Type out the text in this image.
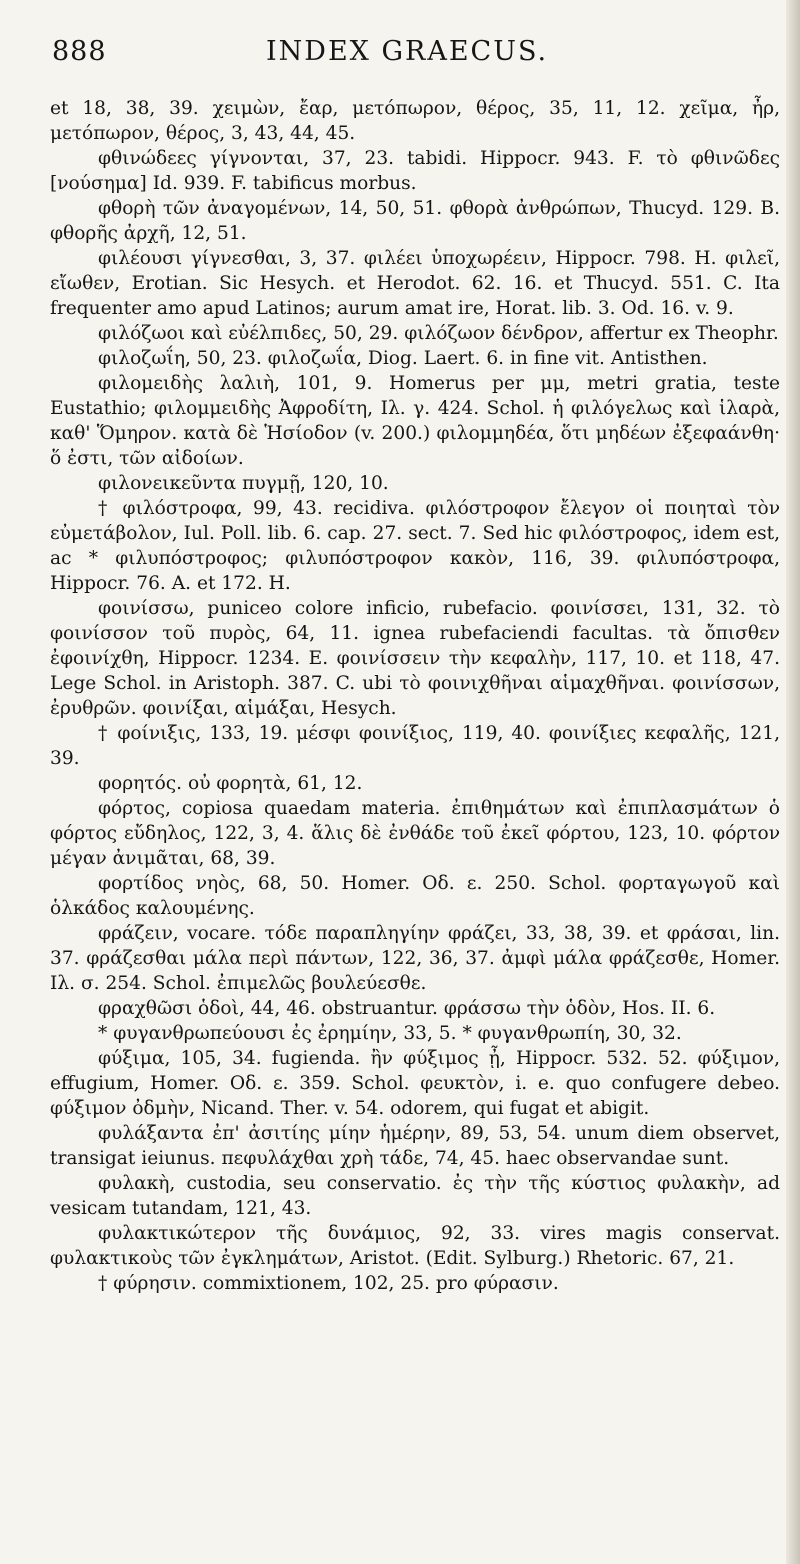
888	INDEX GRAECUS.

et 18, 38, 39. χειμὼν, ἔαρ, μετόπωρον, θέρος, 35, 11, 12. χεῖμα, ἦρ, μετόπωρον, θέρος, 3, 43, 44, 45.

φθινώδεες γίγνονται, 37, 23. tabidi. Hippocr. 943. F. τὸ φθινῶδες [νούσημα] Id. 939. F. tabificus morbus.

φθορὴ τῶν ἀναγομένων, 14, 50, 51. φθορὰ ἀνθρώπων, Thucyd. 129. B. φθορῆς ἀρχῆ, 12, 51.

φιλέουσι γίγνεσθαι, 3, 37. φιλέει ὑποχωρέειν, Hippocr. 798. H. φιλεῖ, εἴωθεν, Erotian. Sic Hesych. et Herodot. 62. 16. et Thucyd. 551. C. Ita frequenter amo apud Latinos; aurum amat ire, Horat. lib. 3. Od. 16. v. 9.

φιλόζωοι καὶ εὐέλπιδες, 50, 29. φιλόζωον δένδρον, affertur ex Theophr.

φιλοζωΐη, 50, 23. φιλοζωΐα, Diog. Laert. 6. in fine vit. Antisthen.

φιλομειδὴς λαλιὴ, 101, 9. Homerus per μμ, metri gratia, teste Eustathio; φιλομμειδὴς Ἀφροδίτη, Ιλ. γ. 424. Schol. ἡ φιλόγελως καὶ ἱλαρὰ, καθ' Ὅμηρον. κατὰ δὲ Ἡσίοδον (v. 200.) φιλομμηδέα, ὅτι μηδέων ἐξεφαάνθη· ὅ ἐστι, τῶν αἰδοίων.

φιλονεικεῦντα πυγμῇ, 120, 10.

† φιλόστροφα, 99, 43. recidiva. φιλόστροφον ἔλεγον οἱ ποιηταὶ τὸν εὐμετάβολον, Iul. Poll. lib. 6. cap. 27. sect. 7. Sed hic φιλόστροφος, idem est, ac * φιλυπόστροφος; φιλυπόστροφον κακὸν, 116, 39. φιλυπόστροφα, Hippocr. 76. A. et 172. H.

φοινίσσω, puniceo colore inficio, rubefacio. φοινίσσει, 131, 32. τὸ φοινίσσον τοῦ πυρὸς, 64, 11. ignea rubefaciendi facultas. τὰ ὄπισθεν ἐφοινίχθη, Hippocr. 1234. E. φοινίσσειν τὴν κεφαλὴν, 117, 10. et 118, 47. Lege Schol. in Aristoph. 387. C. ubi τὸ φοινιχθῆναι αἱμαχθῆναι. φοινίσσων, ἐρυθρῶν. φοινίξαι, αἱμάξαι, Hesych.

† φοίνιξις, 133, 19. μέσφι φοινίξιος, 119, 40. φοινίξιες κεφαλῆς, 121, 39.

φορητός. οὐ φορητὰ, 61, 12.

φόρτος, copiosa quaedam materia. ἐπιθημάτων καὶ ἐπιπλασμάτων ὁ φόρτος εὔδηλος, 122, 3, 4. ἅλις δὲ ἐνθάδε τοῦ ἐκεῖ φόρτου, 123, 10. φόρτον μέγαν ἀνιμᾶται, 68, 39.

φορτίδος νηὸς, 68, 50. Homer. Οδ. ε. 250. Schol. φορταγωγοῦ καὶ ὁλκάδος καλουμένης.

φράζειν, vocare. τόδε παραπληγίην φράζει, 33, 38, 39. et φράσαι, lin. 37. φράζεσθαι μάλα περὶ πάντων, 122, 36, 37. ἀμφὶ μάλα φράζεσθε, Homer. Ιλ. σ. 254. Schol. ἐπιμελῶς βουλεύεσθε.

φραχθῶσι ὁδοὶ, 44, 46. obstruantur. φράσσω τὴν ὁδὸν, Hos. II. 6.

* φυγανθρωπεύουσι ἐς ἐρημίην, 33, 5. * φυγανθρωπίη, 30, 32.

φύξιμα, 105, 34. fugienda. ἢν φύξιμος ᾖ, Hippocr. 532. 52. φύξιμον, effugium, Homer. Οδ. ε. 359. Schol. φευκτὸν, i. e. quo confugere debeo. φύξιμον ὀδμὴν, Nicand. Ther. v. 54. odorem, qui fugat et abigit.

φυλάξαντα ἐπ' ἀσιτίης μίην ἡμέρην, 89, 53, 54. unum diem observet, transigat ieiunus. πεφυλάχθαι χρὴ τάδε, 74, 45. haec observandae sunt.

φυλακὴ, custodia, seu conservatio. ἐς τὴν τῆς κύστιος φυλακὴν, ad vesicam tutandam, 121, 43.

φυλακτικώτερον τῆς δυνάμιος, 92, 33. vires magis conservat. φυλακτικοὺς τῶν ἐγκλημάτων, Aristot. (Edit. Sylburg.) Rhetoric. 67, 21.

† φύρησιν. commixtionem, 102, 25. pro φύρασιν.
